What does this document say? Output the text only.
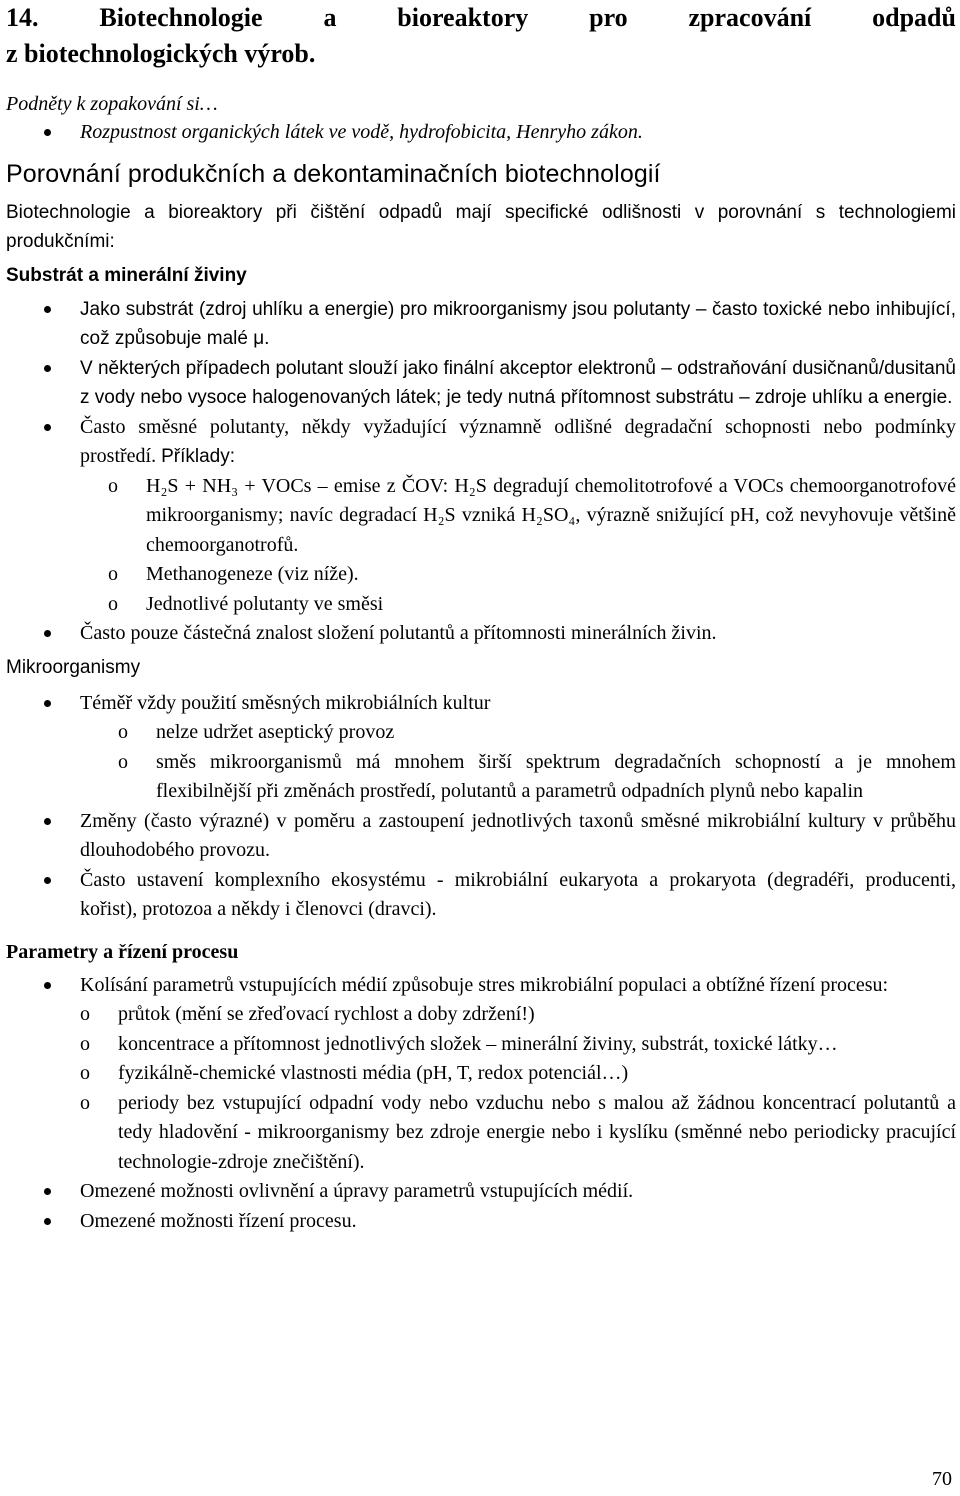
14. Biotechnologie a bioreaktory pro zpracování odpadů
z biotechnologických výrob.
Podněty k zopakování si…
Rozpustnost organických látek ve vodě, hydrofobicita, Henryho zákon.
Porovnání produkčních a dekontaminačních biotechnologií
Biotechnologie a bioreaktory při čištění odpadů mají specifické odlišnosti v porovnání s technologiemi produkčními:
Substrát a minerální živiny
Jako substrát (zdroj uhlíku a energie) pro mikroorganismy jsou polutanty – často toxické nebo inhibující, což způsobuje malé μ.
V některých případech polutant slouží jako finální akceptor elektronů – odstraňování dusičnanů/dusitanů z vody nebo vysoce halogenovaných látek; je tedy nutná přítomnost substrátu – zdroje uhlíku a energie.
Často směsné polutanty, někdy vyžadující významně odlišné degradační schopnosti nebo podmínky prostředí. Příklady:
o H₂S + NH₃ + VOCs – emise z ČOV: H₂S degradují chemolitotrofové a VOCs chemoorganotrofové mikroorganismy; navíc degradací H₂S vzniká H₂SO₄, výrazně snižující pH, což nevyhovuje většině chemoorganotrofů.
o Methanogeneze (viz níže).
o Jednotlivé polutanty ve směsi
Často pouze částečná znalost složení polutantů a přítomnosti minerálních živin.
Mikroorganismy
Téměř vždy použití směsných mikrobiálních kultur
o nelze udržet aseptický provoz
o směs mikroorganismů má mnohem širší spektrum degradačních schopností a je mnohem flexibilnější při změnách prostředí, polutantů a parametrů odpadních plynů nebo kapalin
Změny (často výrazné) v poměru a zastoupení jednotlivých taxonů směsné mikrobiální kultury v průběhu dlouhodobého provozu.
Často ustavení komplexního ekosystému - mikrobiální eukaryota a prokaryota (degradéři, producenti, kořist), protozoa a někdy i členovci (dravci).
Parametry a řízení procesu
Kolísání parametrů vstupujících médií způsobuje stres mikrobiální populaci a obtížné řízení procesu:
o průtok (mění se zřeďovací rychlost a doby zdržení!)
o koncentrace a přítomnost jednotlivých složek – minerální živiny, substrát, toxické látky…
o fyzikálně-chemické vlastnosti média (pH, T, redox potenciál…)
o periody bez vstupující odpadní vody nebo vzduchu nebo s malou až žádnou koncentrací polutantů a tedy hladovění - mikroorganismy bez zdroje energie nebo i kyslíku (směnné nebo periodicky pracující technologie-zdroje znečištění).
Omezené možnosti ovlivnění a úpravy parametrů vstupujících médií.
Omezené možnosti řízení procesu.
70
